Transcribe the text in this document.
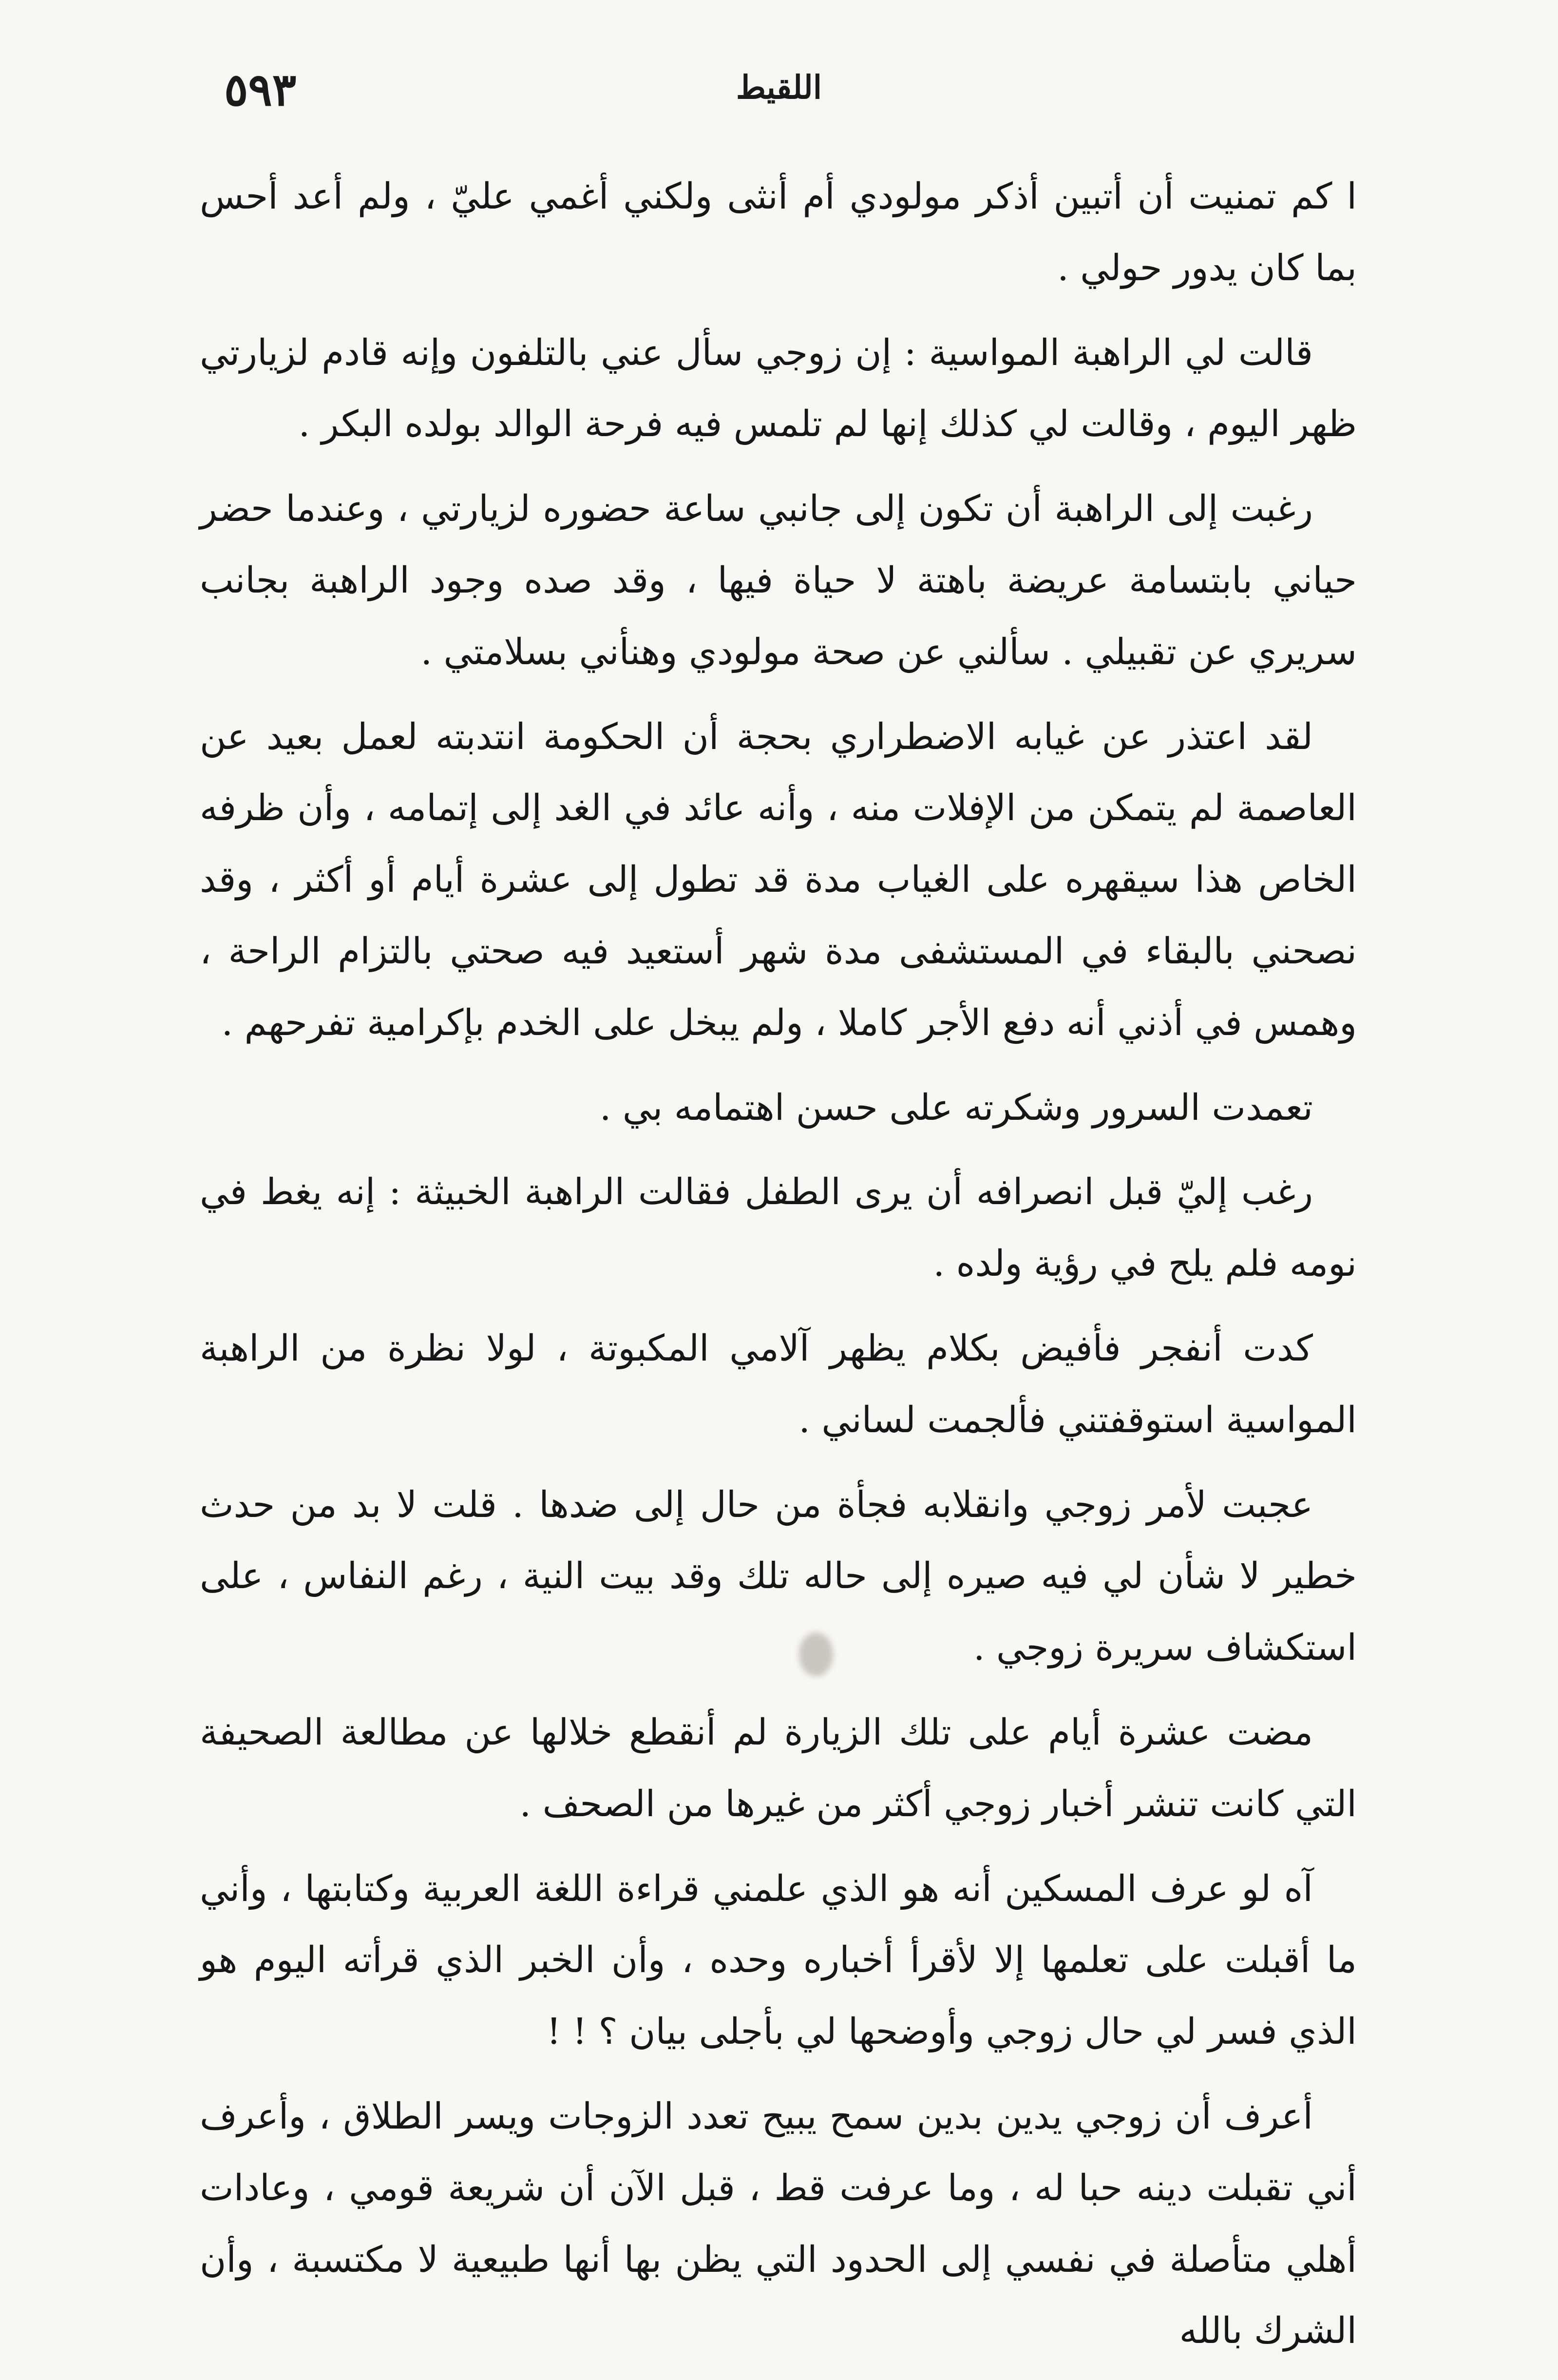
اللقيط
٥٩٣

ا كم تمنيت أن أتبين أذكر مولودي أم أنثى ولكني أغمي عليّ ، ولم أعد أحس بما كان يدور حولي .

قالت لي الراهبة المواسية : إن زوجي سأل عني بالتلفون وإنه قادم لزيارتي ظهر اليوم ، وقالت لي كذلك إنها لم تلمس فيه فرحة الوالد بولده البكر .

رغبت إلى الراهبة أن تكون إلى جانبي ساعة حضوره لزيارتي ، وعندما حضر حياني بابتسامة عريضة باهتة لا حياة فيها ، وقد صده وجود الراهبة بجانب سريري عن تقبيلي . سألني عن صحة مولودي وهنأني بسلامتي .

لقد اعتذر عن غيابه الاضطراري بحجة أن الحكومة انتدبته لعمل بعيد عن العاصمة لم يتمكن من الإفلات منه ، وأنه عائد في الغد إلى إتمامه ، وأن ظرفه الخاص هذا سيقهره على الغياب مدة قد تطول إلى عشرة أيام أو أكثر ، وقد نصحني بالبقاء في المستشفى مدة شهر أستعيد فيه صحتي بالتزام الراحة ، وهمس في أذني أنه دفع الأجر كاملا ، ولم يبخل على الخدم بإكرامية تفرحهم .

تعمدت السرور وشكرته على حسن اهتمامه بي .

رغب إليّ قبل انصرافه أن يرى الطفل فقالت الراهبة الخبيثة : إنه يغط في نومه فلم يلح في رؤية ولده .

كدت أنفجر فأفيض بكلام يظهر آلامي المكبوتة ، لولا نظرة من الراهبة المواسية استوقفتني فألجمت لساني .

عجبت لأمر زوجي وانقلابه فجأة من حال إلى ضدها . قلت لا بد من حدث خطير لا شأن لي فيه صيره إلى حاله تلك وقد بيت النية ، رغم النفاس ، على استكشاف سريرة زوجي .

مضت عشرة أيام على تلك الزيارة لم أنقطع خلالها عن مطالعة الصحيفة التي كانت تنشر أخبار زوجي أكثر من غيرها من الصحف .

آه لو عرف المسكين أنه هو الذي علمني قراءة اللغة العربية وكتابتها ، وأني ما أقبلت على تعلمها إلا لأقرأ أخباره وحده ، وأن الخبر الذي قرأته اليوم هو الذي فسر لي حال زوجي وأوضحها لي بأجلى بيان ؟ ! !

أعرف أن زوجي يدين بدين سمح يبيح تعدد الزوجات ويسر الطلاق ، وأعرف أني تقبلت دينه حبا له ، وما عرفت قط ، قبل الآن أن شريعة قومي ، وعادات أهلي متأصلة في نفسي إلى الحدود التي يظن بها أنها طبيعية لا مكتسبة ، وأن الشرك بالله
